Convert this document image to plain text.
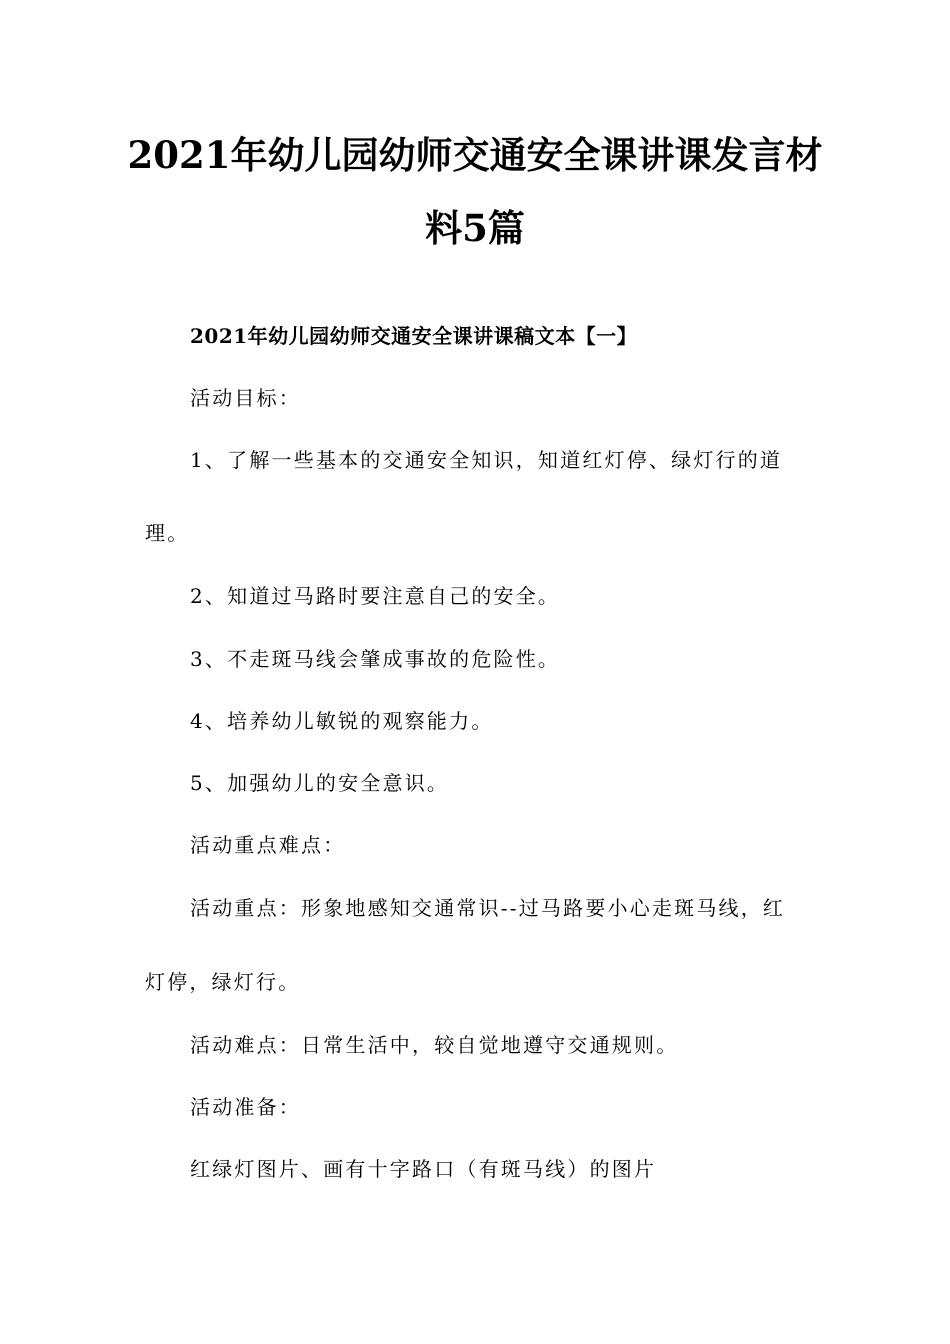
2021年幼儿园幼师交通安全课讲课发言材
料5篇
2021年幼儿园幼师交通安全课讲课稿文本【一】
活动目标：
1、了解一些基本的交通安全知识，知道红灯停、绿灯行的道
理。
2、知道过马路时要注意自己的安全。
3、不走斑马线会肇成事故的危险性。
4、培养幼儿敏锐的观察能力。
5、加强幼儿的安全意识。
活动重点难点：
活动重点：形象地感知交通常识--过马路要小心走斑马线，红
灯停，绿灯行。
活动难点：日常生活中，较自觉地遵守交通规则。
活动准备：
红绿灯图片、画有十字路口（有斑马线）的图片
